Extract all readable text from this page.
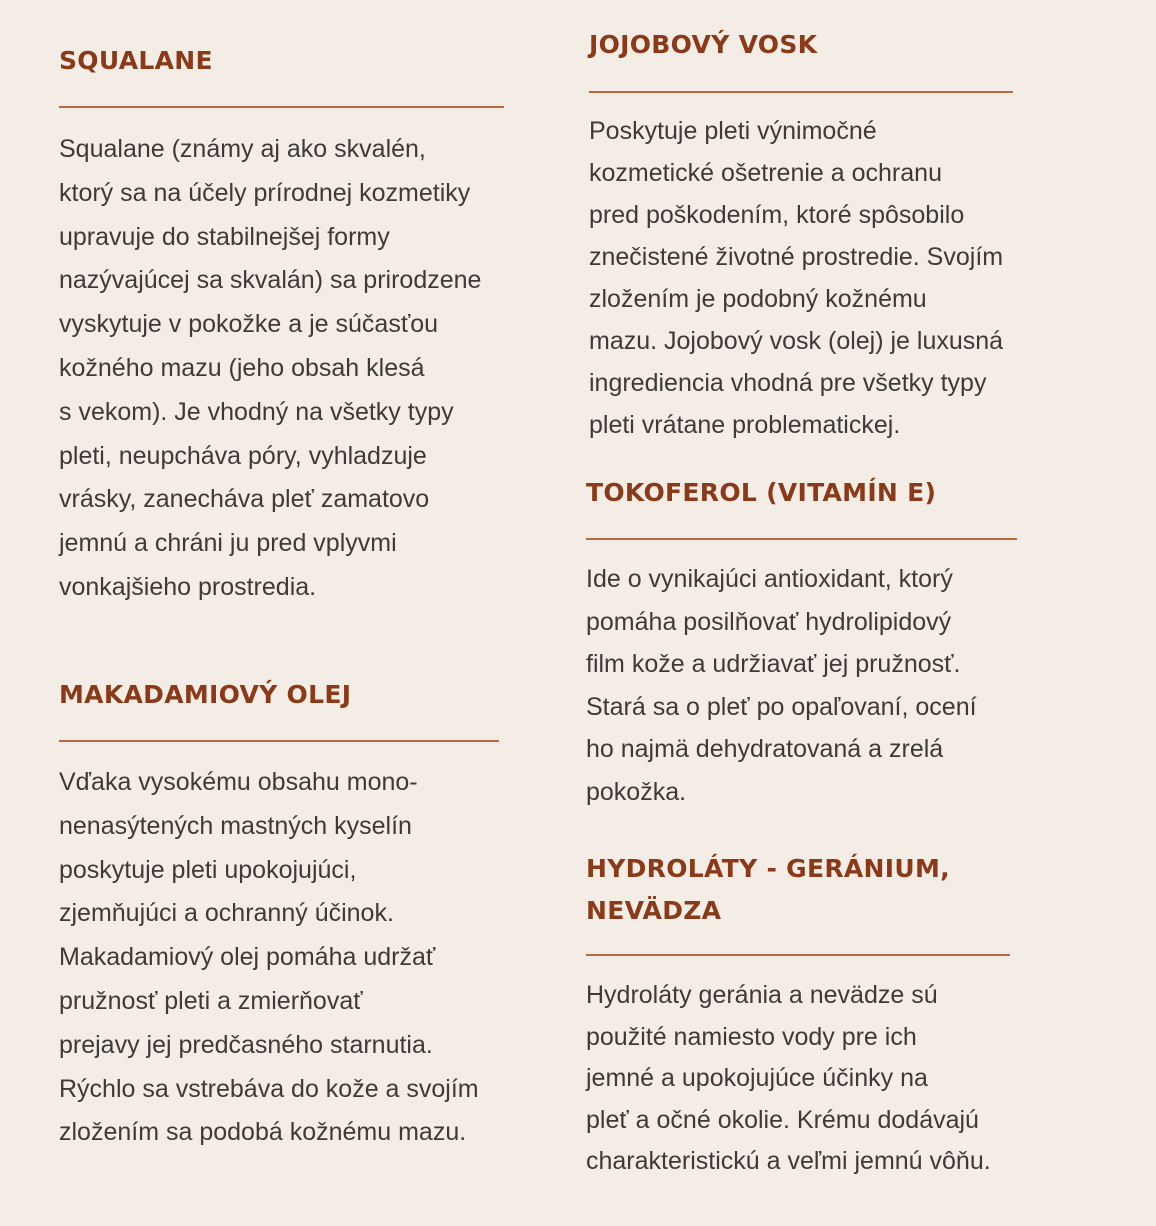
SQUALANE

Squalane (známy aj ako skvalén,
ktorý sa na účely prírodnej kozmetiky
upravuje do stabilnejšej formy
nazývajúcej sa skvalán) sa prirodzene
vyskytuje v pokožke a je súčasťou
kožného mazu (jeho obsah klesá
s vekom). Je vhodný na všetky typy
pleti, neupcháva póry, vyhladzuje
vrásky, zanecháva pleť zamatovo
jemnú a chráni ju pred vplyvmi
vonkajšieho prostredia.

MAKADAMIOVÝ OLEJ

Vďaka vysokému obsahu mono-
nenasýtených mastných kyselín
poskytuje pleti upokojujúci,
zjemňujúci a ochranný účinok.
Makadamiový olej pomáha udržať
pružnosť pleti a zmierňovať
prejavy jej predčasného starnutia.
Rýchlo sa vstrebáva do kože a svojím
zložením sa podobá kožnému mazu.

JOJOBOVÝ VOSK

Poskytuje pleti výnimočné
kozmetické ošetrenie a ochranu
pred poškodením, ktoré spôsobilo
znečistené životné prostredie. Svojím
zložením je podobný kožnému
mazu. Jojobový vosk (olej) je luxusná
ingrediencia vhodná pre všetky typy
pleti vrátane problematickej.

TOKOFEROL (VITAMÍN E)

Ide o vynikajúci antioxidant, ktorý
pomáha posilňovať hydrolipidový
film kože a udržiavať jej pružnosť.
Stará sa o pleť po opaľovaní, ocení
ho najmä dehydratovaná a zrelá
pokožka.

HYDROLÁTY - GERÁNIUM,
NEVÄDZA

Hydroláty geránia a nevädze sú
použité namiesto vody pre ich
jemné a upokojujúce účinky na
pleť a očné okolie. Krému dodávajú
charakteristickú a veľmi jemnú vôňu.
